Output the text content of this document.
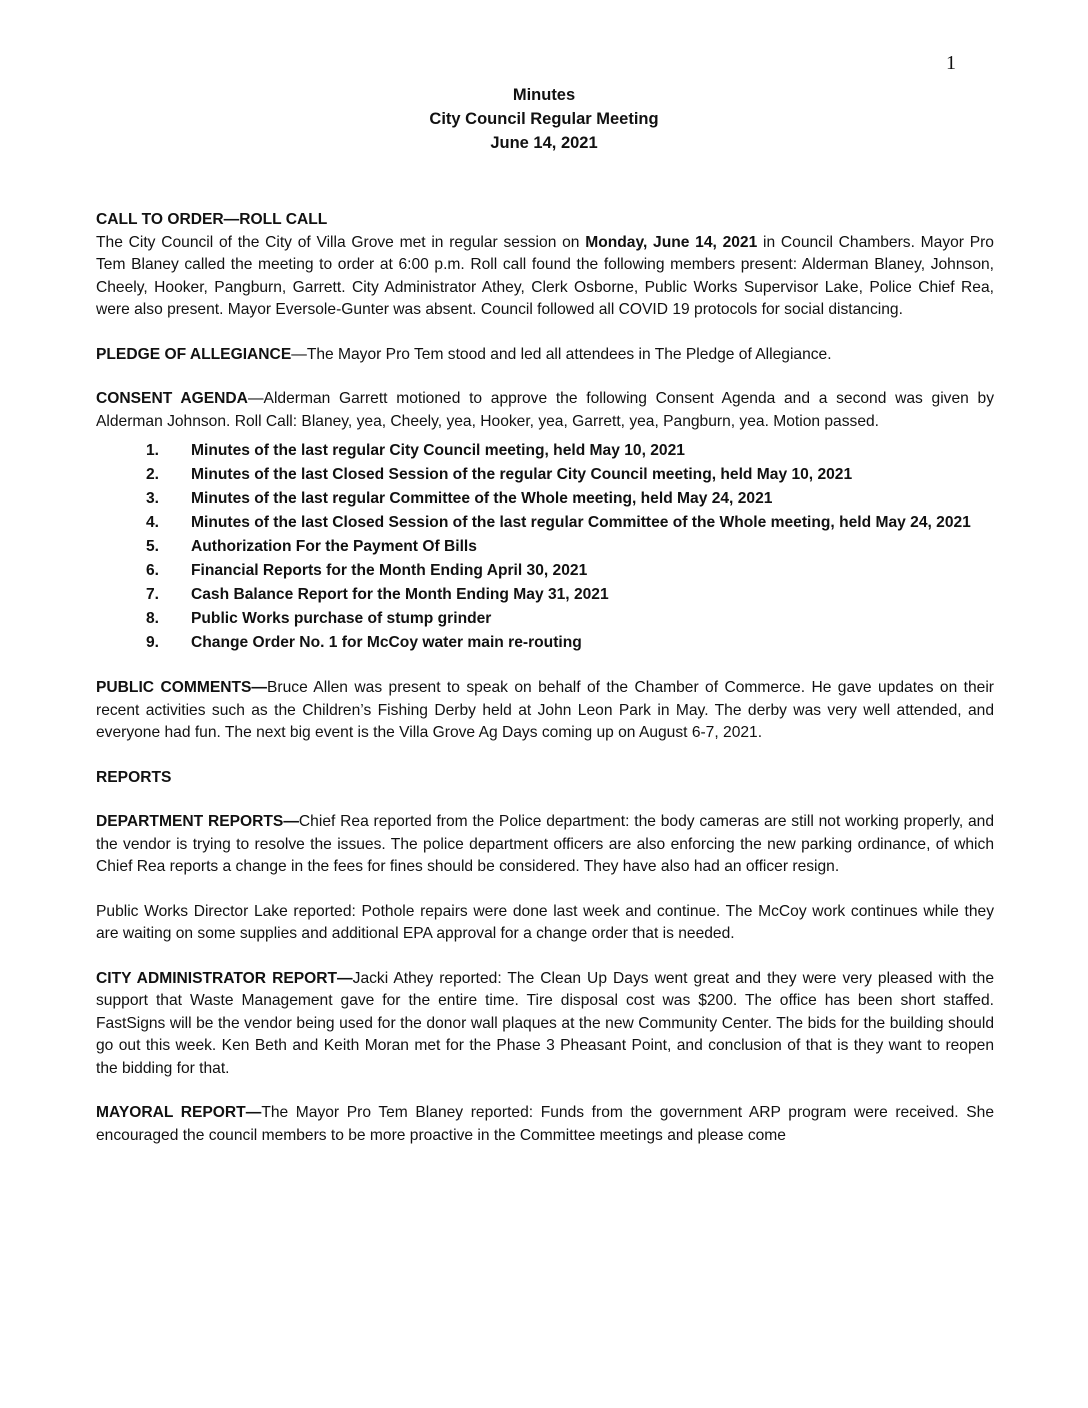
1
Minutes
City Council Regular Meeting
June 14, 2021

CALL TO ORDER—ROLL CALL

The City Council of the City of Villa Grove met in regular session on Monday, June 14, 2021 in Council Chambers. Mayor Pro Tem Blaney called the meeting to order at 6:00 p.m. Roll call found the following members present: Alderman Blaney, Johnson, Cheely, Hooker, Pangburn, Garrett. City Administrator Athey, Clerk Osborne, Public Works Supervisor Lake, Police Chief Rea, were also present. Mayor Eversole-Gunter was absent. Council followed all COVID 19 protocols for social distancing.

PLEDGE OF ALLEGIANCE—The Mayor Pro Tem stood and led all attendees in The Pledge of Allegiance.

CONSENT AGENDA—Alderman Garrett motioned to approve the following Consent Agenda and a second was given by Alderman Johnson. Roll Call: Blaney, yea, Cheely, yea, Hooker, yea, Garrett, yea, Pangburn, yea. Motion passed.

1.	Minutes of the last regular City Council meeting, held May 10, 2021
2.	Minutes of the last Closed Session of the regular City Council meeting, held May 10, 2021
3.	Minutes of the last regular Committee of the Whole meeting, held May 24, 2021
4.	Minutes of the last Closed Session of the last regular Committee of the Whole meeting, held May 24, 2021
5.	Authorization For the Payment Of Bills
6.	Financial Reports for the Month Ending April 30, 2021
7.	Cash Balance Report for the Month Ending May 31, 2021
8.	Public Works purchase of stump grinder
9.	Change Order No. 1 for McCoy water main re-routing

PUBLIC COMMENTS—Bruce Allen was present to speak on behalf of the Chamber of Commerce. He gave updates on their recent activities such as the Children’s Fishing Derby held at John Leon Park in May. The derby was very well attended, and everyone had fun. The next big event is the Villa Grove Ag Days coming up on August 6-7, 2021.

REPORTS

DEPARTMENT REPORTS—Chief Rea reported from the Police department: the body cameras are still not working properly, and the vendor is trying to resolve the issues. The police department officers are also enforcing the new parking ordinance, of which Chief Rea reports a change in the fees for fines should be considered. They have also had an officer resign.

Public Works Director Lake reported: Pothole repairs were done last week and continue. The McCoy work continues while they are waiting on some supplies and additional EPA approval for a change order that is needed.

CITY ADMINISTRATOR REPORT—Jacki Athey reported: The Clean Up Days went great and they were very pleased with the support that Waste Management gave for the entire time. Tire disposal cost was $200. The office has been short staffed. FastSigns will be the vendor being used for the donor wall plaques at the new Community Center. The bids for the building should go out this week. Ken Beth and Keith Moran met for the Phase 3 Pheasant Point, and conclusion of that is they want to reopen the bidding for that.

MAYORAL REPORT—The Mayor Pro Tem Blaney reported: Funds from the government ARP program were received. She encouraged the council members to be more proactive in the Committee meetings and please come
